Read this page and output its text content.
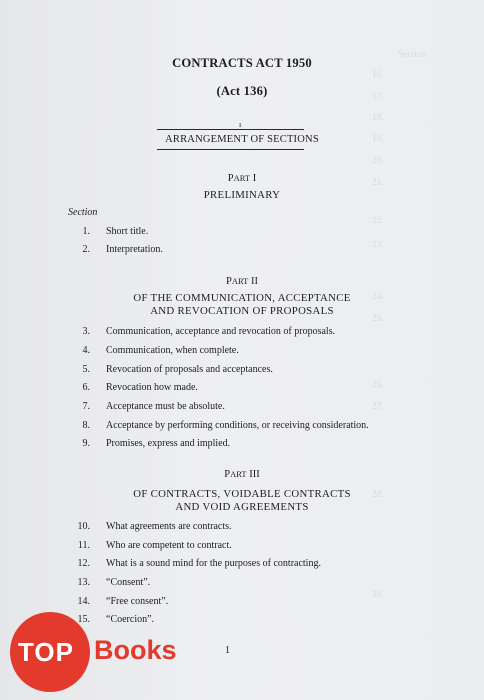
Section
16.
17.
18.
19.
20.
21.
22.
23.
24.
25.
26.
27.
28.
29.
CONTRACTS ACT 1950
(Act 136)
ı
ARRANGEMENT OF SECTIONS
PART I
PRELIMINARY
Section
1. Short title.
2. Interpretation.
PART II
OF THE COMMUNICATION, ACCEPTANCE
AND REVOCATION OF PROPOSALS
3. Communication, acceptance and revocation of proposals.
4. Communication, when complete.
5. Revocation of proposals and acceptances.
6. Revocation how made.
7. Acceptance must be absolute.
8. Acceptance by performing conditions, or receiving consideration.
9. Promises, express and implied.
PART III
OF CONTRACTS, VOIDABLE CONTRACTS
AND VOID AGREEMENTS
10. What agreements are contracts.
11. Who are competent to contract.
12. What is a sound mind for the purposes of contracting.
13. “Consent”.
14. “Free consent”.
15. “Coercion”.
1
TOP Books
